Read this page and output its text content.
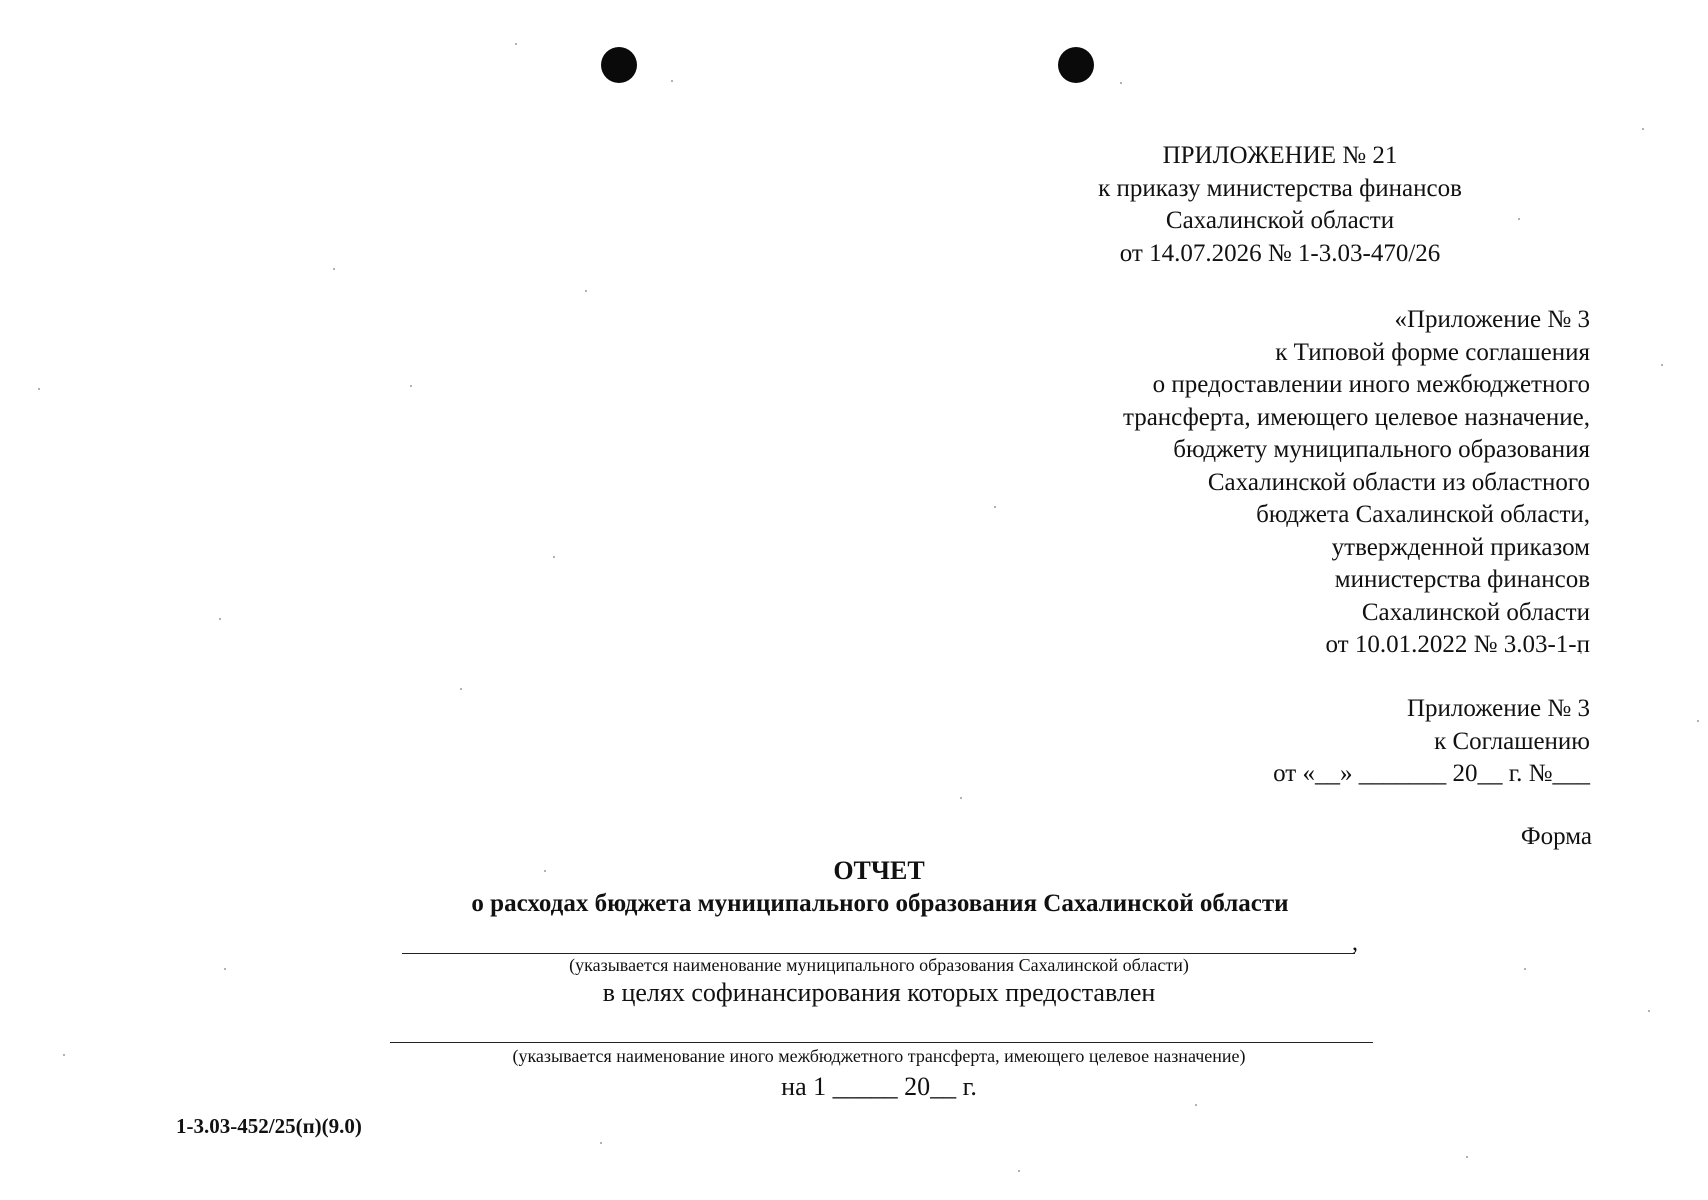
ПРИЛОЖЕНИЕ № 21
к приказу министерства финансов
Сахалинской области
от 14.07.2026 № 1-3.03-470/26
«Приложение № 3
к Типовой форме соглашения
о предоставлении иного межбюджетного
трансферта, имеющего целевое назначение,
бюджету муниципального образования
Сахалинской области из областного
бюджета Сахалинской области,
утвержденной приказом
министерства финансов
Сахалинской области
от 10.01.2022 № 3.03-1-п
Приложение № 3
к Соглашению
от «__» _______ 20__ г. №___
Форма
ОТЧЕТ
о расходах бюджета муниципального образования Сахалинской области
,
(указывается наименование муниципального образования Сахалинской области)
в целях софинансирования которых предоставлен
(указывается наименование иного межбюджетного трансферта, имеющего целевое назначение)
на 1 _____ 20__ г.
1-3.03-452/25(п)(9.0)
